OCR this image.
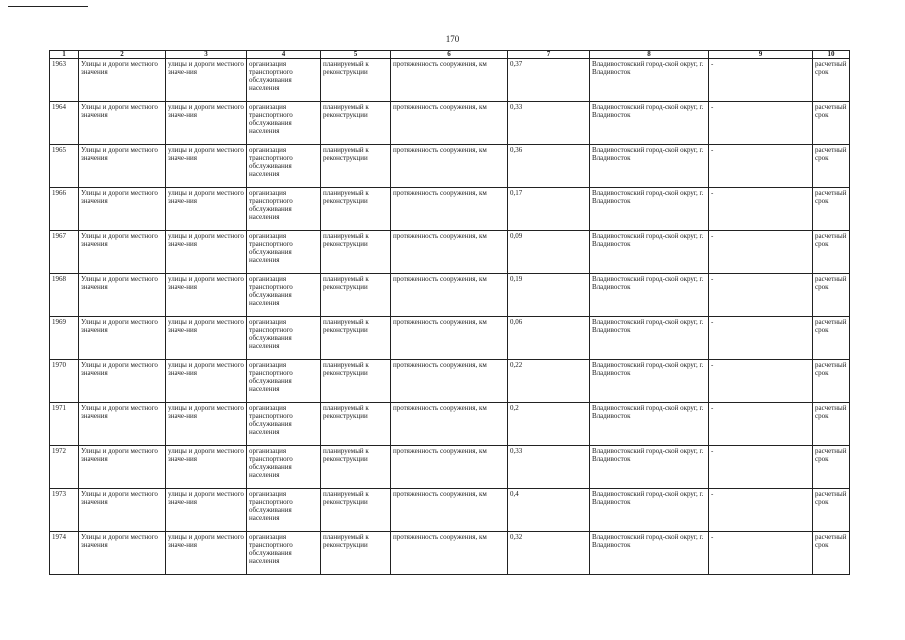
170
1	2	3	4	5	6	7	8	9	10
1963	Улицы и дороги местного значения	улицы и дороги местного значе-ния	организация транспортного обслуживания населения	планируемый к реконструкции	протяженность сооружения, км	0,37	Владивостокский город-ской округ, г. Владивосток	-	расчетный срок
1964	Улицы и дороги местного значения	улицы и дороги местного значе-ния	организация транспортного обслуживания населения	планируемый к реконструкции	протяженность сооружения, км	0,33	Владивостокский город-ской округ, г. Владивосток	-	расчетный срок
1965	Улицы и дороги местного значения	улицы и дороги местного значе-ния	организация транспортного обслуживания населения	планируемый к реконструкции	протяженность сооружения, км	0,36	Владивостокский город-ской округ, г. Владивосток	-	расчетный срок
1966	Улицы и дороги местного значения	улицы и дороги местного значе-ния	организация транспортного обслуживания населения	планируемый к реконструкции	протяженность сооружения, км	0,17	Владивостокский город-ской округ, г. Владивосток	-	расчетный срок
1967	Улицы и дороги местного значения	улицы и дороги местного значе-ния	организация транспортного обслуживания населения	планируемый к реконструкции	протяженность сооружения, км	0,09	Владивостокский город-ской округ, г. Владивосток	-	расчетный срок
1968	Улицы и дороги местного значения	улицы и дороги местного значе-ния	организация транспортного обслуживания населения	планируемый к реконструкции	протяженность сооружения, км	0,19	Владивостокский город-ской округ, г. Владивосток	-	расчетный срок
1969	Улицы и дороги местного значения	улицы и дороги местного значе-ния	организация транспортного обслуживания населения	планируемый к реконструкции	протяженность сооружения, км	0,06	Владивостокский город-ской округ, г. Владивосток	-	расчетный срок
1970	Улицы и дороги местного значения	улицы и дороги местного значе-ния	организация транспортного обслуживания населения	планируемый к реконструкции	протяженность сооружения, км	0,22	Владивостокский город-ской округ, г. Владивосток	-	расчетный срок
1971	Улицы и дороги местного значения	улицы и дороги местного значе-ния	организация транспортного обслуживания населения	планируемый к реконструкции	протяженность сооружения, км	0,2	Владивостокский город-ской округ, г. Владивосток	-	расчетный срок
1972	Улицы и дороги местного значения	улицы и дороги местного значе-ния	организация транспортного обслуживания населения	планируемый к реконструкции	протяженность сооружения, км	0,33	Владивостокский город-ской округ, г. Владивосток	-	расчетный срок
1973	Улицы и дороги местного значения	улицы и дороги местного значе-ния	организация транспортного обслуживания населения	планируемый к реконструкции	протяженность сооружения, км	0,4	Владивостокский город-ской округ, г. Владивосток	-	расчетный срок
1974	Улицы и дороги местного значения	улицы и дороги местного значе-ния	организация транспортного обслуживания населения	планируемый к реконструкции	протяженность сооружения, км	0,32	Владивостокский город-ской округ, г. Владивосток	-	расчетный срок
